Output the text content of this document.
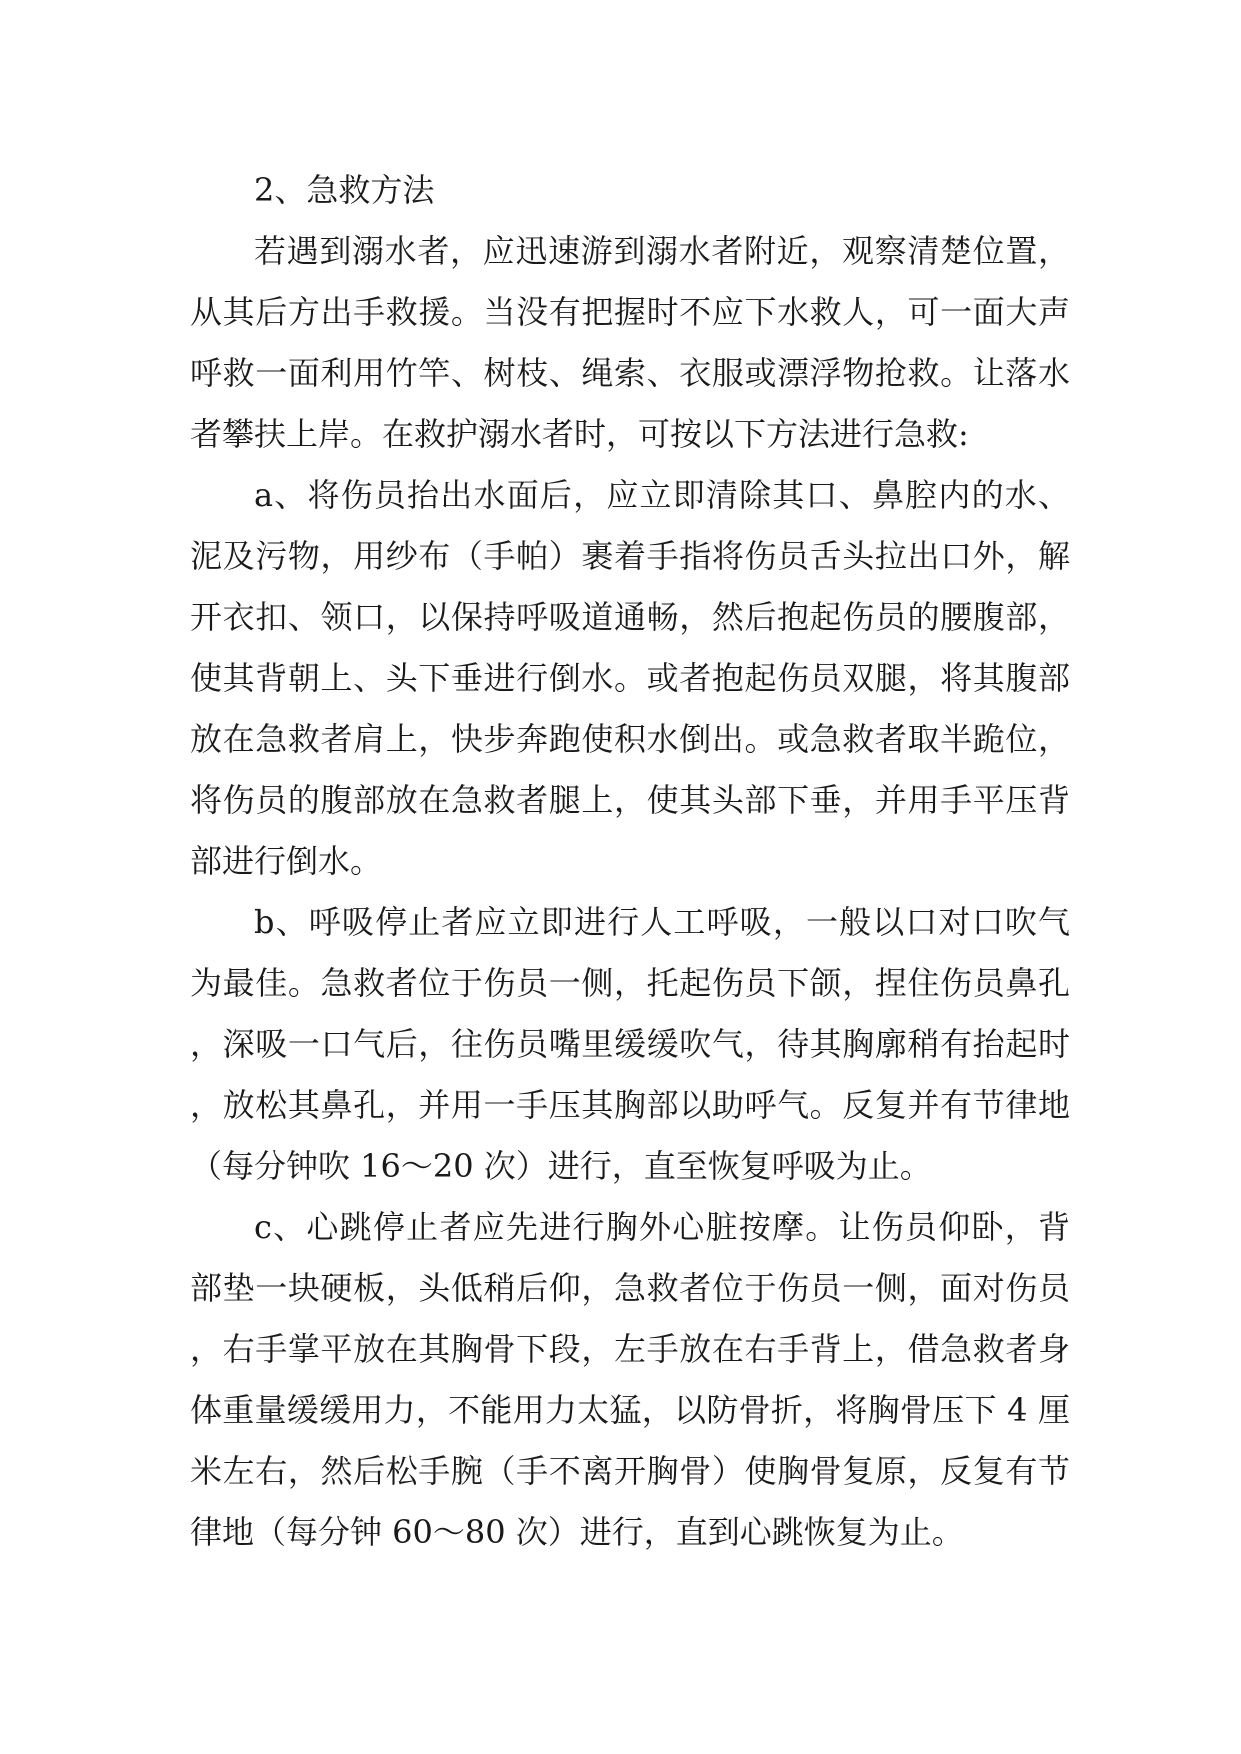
2、急救方法

若遇到溺水者，应迅速游到溺水者附近，观察清楚位置，从其后方出手救援。当没有把握时不应下水救人，可一面大声呼救一面利用竹竿、树枝、绳索、衣服或漂浮物抢救。让落水者攀扶上岸。在救护溺水者时，可按以下方法进行急救:

a、将伤员抬出水面后，应立即清除其口、鼻腔内的水、泥及污物，用纱布（手帕）裹着手指将伤员舌头拉出口外，解开衣扣、领口，以保持呼吸道通畅，然后抱起伤员的腰腹部，使其背朝上、头下垂进行倒水。或者抱起伤员双腿，将其腹部放在急救者肩上，快步奔跑使积水倒出。或急救者取半跪位，将伤员的腹部放在急救者腿上，使其头部下垂，并用手平压背部进行倒水。

b、呼吸停止者应立即进行人工呼吸，一般以口对口吹气为最佳。急救者位于伤员一侧，托起伤员下颌，捏住伤员鼻孔，深吸一口气后，往伤员嘴里缓缓吹气，待其胸廓稍有抬起时，放松其鼻孔，并用一手压其胸部以助呼气。反复并有节律地（每分钟吹 16～20 次）进行，直至恢复呼吸为止。

c、心跳停止者应先进行胸外心脏按摩。让伤员仰卧，背部垫一块硬板，头低稍后仰，急救者位于伤员一侧，面对伤员，右手掌平放在其胸骨下段，左手放在右手背上，借急救者身体重量缓缓用力，不能用力太猛，以防骨折，将胸骨压下 4 厘米左右，然后松手腕（手不离开胸骨）使胸骨复原，反复有节律地（每分钟 60～80 次）进行，直到心跳恢复为止。
